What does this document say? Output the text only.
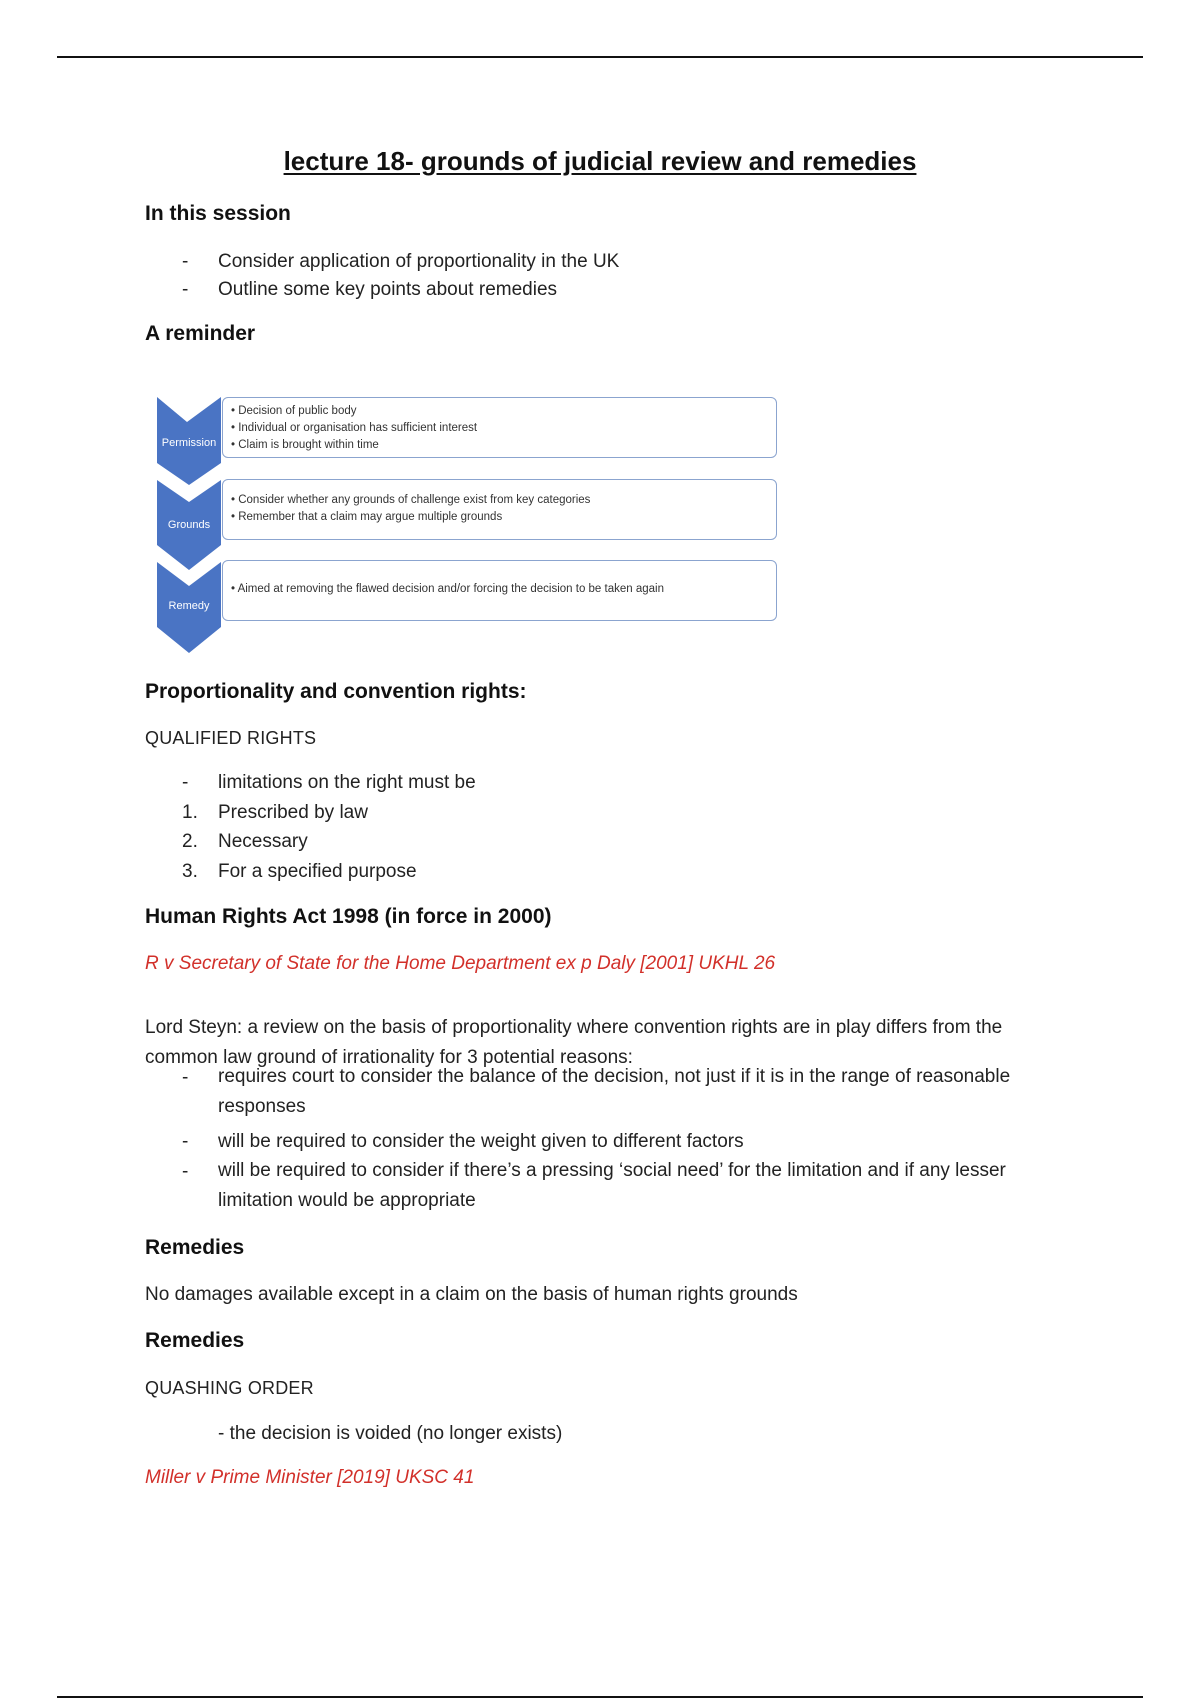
lecture 18- grounds of judicial review and remedies

In this session

-	Consider application of proportionality in the UK
-	Outline some key points about remedies

A reminder

Permission
Grounds
Remedy
• Decision of public body
• Individual or organisation has sufficient interest
• Claim is brought within time
• Consider whether any grounds of challenge exist from key categories
• Remember that a claim may argue multiple grounds
• Aimed at removing the flawed decision and/or forcing the decision to be taken again

Proportionality and convention rights:

QUALIFIED RIGHTS

-	limitations on the right must be
1. Prescribed by law
2. Necessary
3. For a specified purpose

Human Rights Act 1998 (in force in 2000)

R v Secretary of State for the Home Department ex p Daly [2001] UKHL 26

Lord Steyn: a review on the basis of proportionality where convention rights are in play differs from the common law ground of irrationality for 3 potential reasons:

-	requires court to consider the balance of the decision, not just if it is in the range of reasonable responses
-	will be required to consider the weight given to different factors
-	will be required to consider if there’s a pressing ‘social need’ for the limitation and if any lesser limitation would be appropriate

Remedies

No damages available except in a claim on the basis of human rights grounds

Remedies

QUASHING ORDER

- the decision is voided (no longer exists)

Miller v Prime Minister [2019] UKSC 41
